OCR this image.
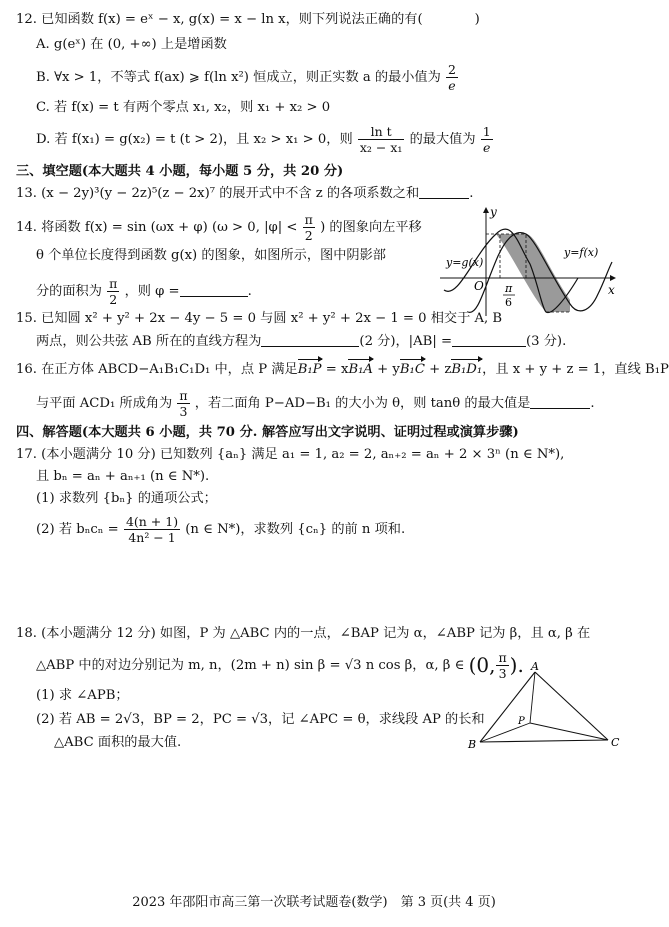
12. 已知函数 f(x) = eˣ − x, g(x) = x − ln x，则下列说法正确的有(	)
A. g(eˣ) 在 (0, +∞) 上是增函数
B. ∀x > 1，不等式 f(ax) ⩾ f(ln x²) 恒成立，则正实数 a 的最小值为 $\frac{2}{e}$
C. 若 f(x) = t 有两个零点 x₁, x₂，则 x₁ + x₂ > 0
D. 若 f(x₁) = g(x₂) = t (t > 2)，且 x₂ > x₁ > 0，则 $\frac{\text{ln t}}{\text{x₂ − x₁}}$ 的最大值为 $\frac{1}{e}$
三、填空题(本大题共 4 小题，每小题 5 分，共 20 分)
13. (x − 2y)³(y − 2z)⁵(z − 2x)⁷ 的展开式中不含 z 的各项系数之和	.
14. 将函数 f(x) = sin (ωx + φ) (ω > 0, $|\varphi| < \frac{\pi}{2}$ ) 的图象向左平移
θ 个单位长度得到函数 g(x) 的图象，如图所示，图中阴影部
分的面积为 $\frac{\pi}{2}$ ，则 φ =	.
y
x
O
y=g(x)
y=f(x)
π
6
15. 已知圆 x² + y² + 2x − 4y − 5 = 0 与圆 x² + y² + 2x − 1 = 0 相交于 A, B
两点，则公共弦 AB 所在的直线方程为	(2 分)，|AB| =	(3 分).
16. 在正方体 ABCD−A₁B₁C₁D₁ 中，点 P 满足B₁P = xB₁A + yB₁C + zB₁D₁，且 x + y + z = 1，直线 B₁P
与平面 ACD₁ 所成角为 $\frac{\pi}{3}$ ，若二面角 P−AD−B₁ 的大小为 θ，则 tanθ 的最大值是	.
四、解答题(本大题共 6 小题，共 70 分. 解答应写出文字说明、证明过程或演算步骤)
17. (本小题满分 10 分) 已知数列 {aₙ} 满足 a₁ = 1, a₂ = 2, aₙ₊₂ = aₙ + 2 × 3ⁿ (n ∈ N*),
且 bₙ = aₙ + aₙ₊₁ (n ∈ N*).
(1) 求数列 {bₙ} 的通项公式；
(2) 若 $b_nc_n = \frac{4(n + 1)}{\text{4n² − 1}} (n$ ∈ N*)，求数列 {cₙ} 的前 n 项和.
18. (本小题满分 12 分) 如图，P 为 △ABC 内的一点，∠BAP 记为 α，∠ABP 记为 β，且 α, β 在
△ABP 中的对边分别记为 m, n，(2m + n) sin β = √3 n cos β，α, β ∈ (0, $\frac{\pi}{3}$ ).
(1) 求 ∠APB；
(2) 若 AB = 2√3，BP = 2，PC = √3，记 ∠APC = θ，求线段 AP 的长和
△ABC 面积的最大值.
A
B	C
P
2023 年邵阳市高三第一次联考试题卷(数学)　第 3 页(共 4 页)
